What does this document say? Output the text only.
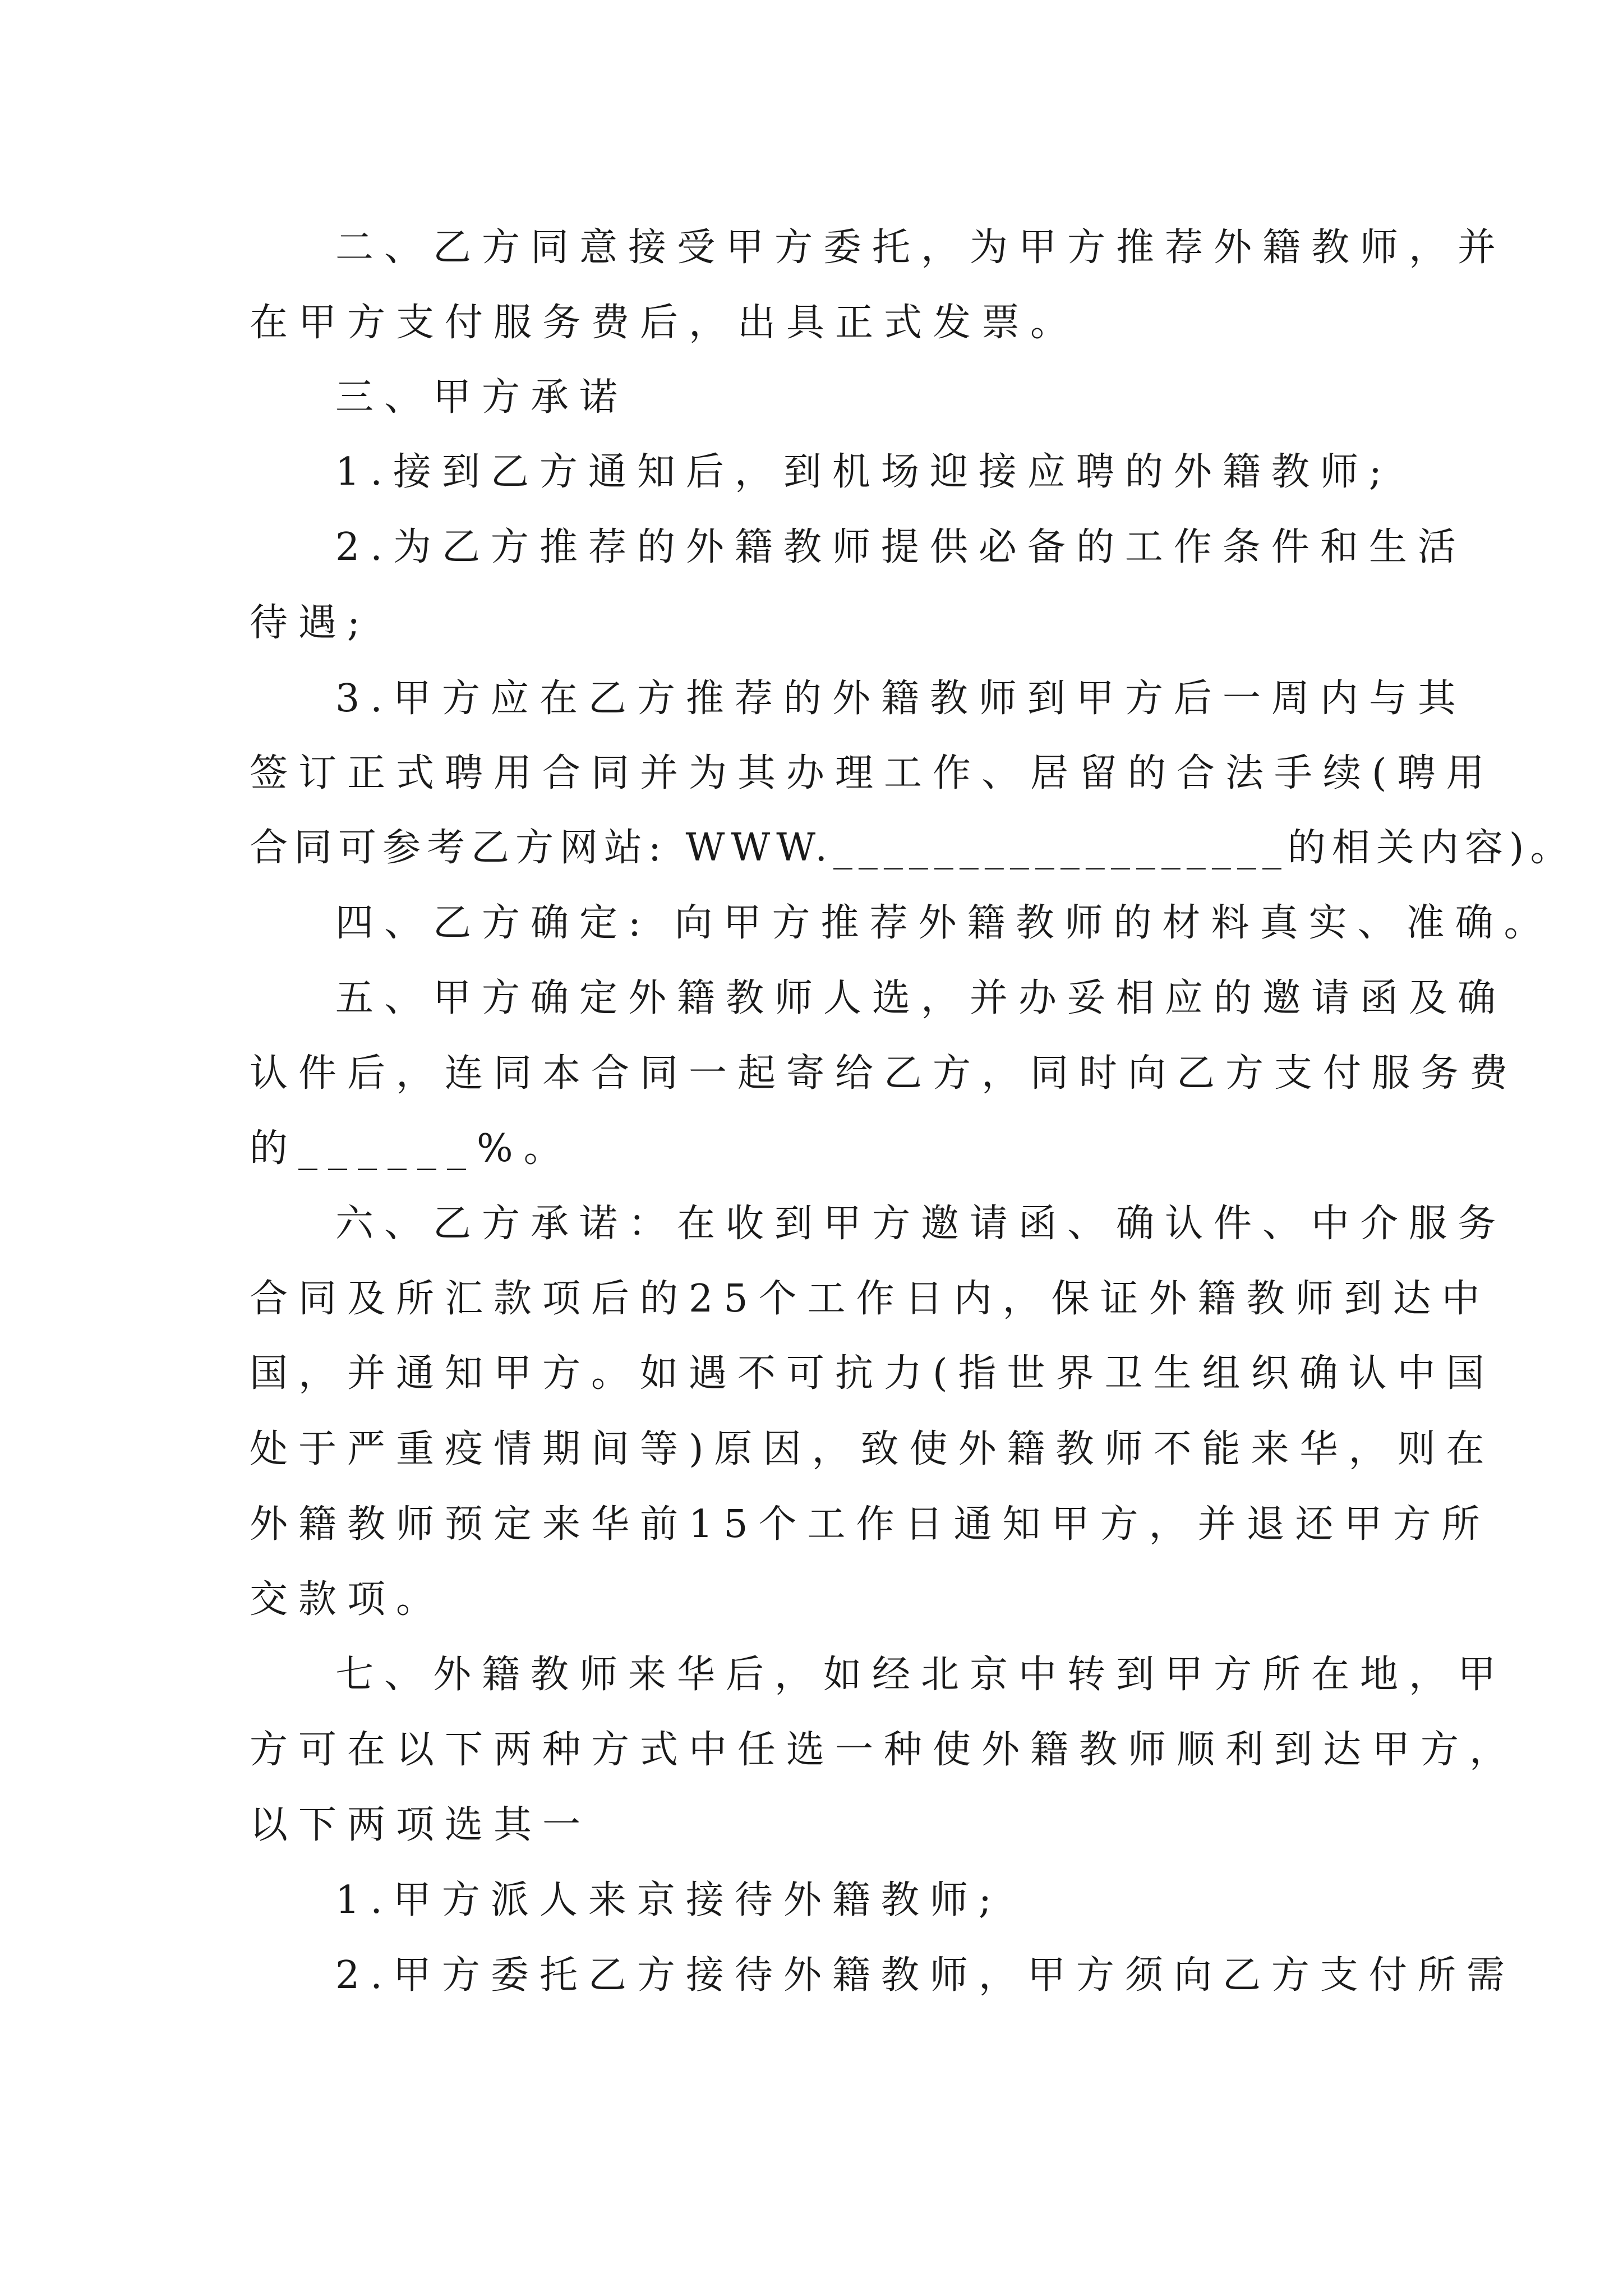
二、乙方同意接受甲方委托，为甲方推荐外籍教师，并
在甲方支付服务费后，出具正式发票。
三、甲方承诺
1.接到乙方通知后，到机场迎接应聘的外籍教师;
2.为乙方推荐的外籍教师提供必备的工作条件和生活
待遇;
3.甲方应在乙方推荐的外籍教师到甲方后一周内与其
签订正式聘用合同并为其办理工作、居留的合法手续(聘用
合同可参考乙方网站: WWW.__________________的相关内容)。
四、乙方确定: 向甲方推荐外籍教师的材料真实、准确。
五、甲方确定外籍教师人选，并办妥相应的邀请函及确
认件后，连同本合同一起寄给乙方，同时向乙方支付服务费
的______%。
六、乙方承诺：在收到甲方邀请函、确认件、中介服务
合同及所汇款项后的25个工作日内，保证外籍教师到达中
国，并通知甲方。如遇不可抗力(指世界卫生组织确认中国
处于严重疫情期间等)原因，致使外籍教师不能来华，则在
外籍教师预定来华前15个工作日通知甲方，并退还甲方所
交款项。
七、外籍教师来华后，如经北京中转到甲方所在地，甲
方可在以下两种方式中任选一种使外籍教师顺利到达甲方，
以下两项选其一
1.甲方派人来京接待外籍教师;
2.甲方委托乙方接待外籍教师，甲方须向乙方支付所需
